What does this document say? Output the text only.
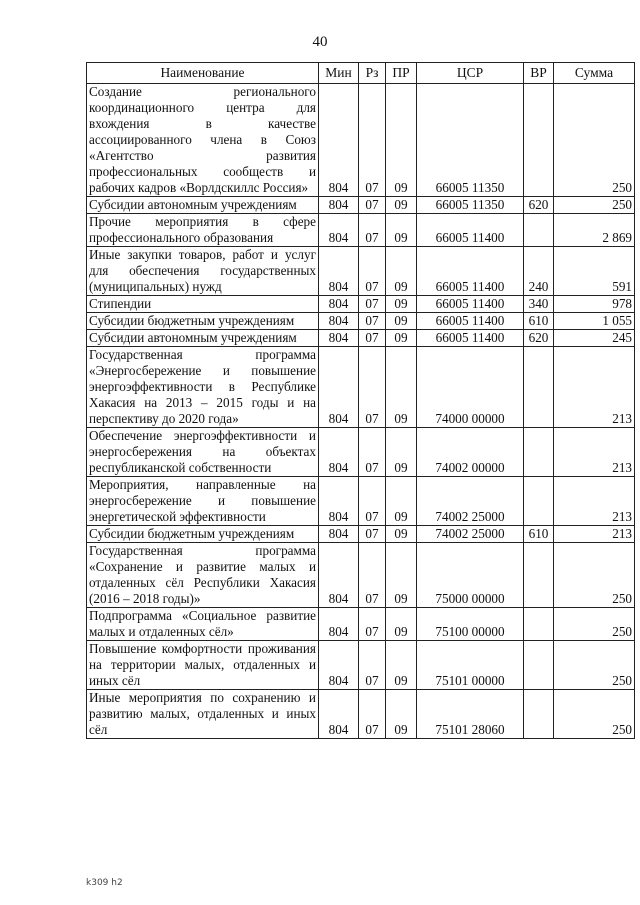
40
Наименование	Мин	Рз	ПР	ЦСР	ВР	Сумма
Создание регионального координационного центра для вхождения в качестве ассоциированного члена в Союз «Агентство развития профессиональных сообществ и рабочих кадров «Ворлдскиллс Россия»	804	07	09	66005 11350		250
Субсидии автономным учреждениям	804	07	09	66005 11350	620	250
Прочие мероприятия в сфере профессионального образования	804	07	09	66005 11400		2 869
Иные закупки товаров, работ и услуг для обеспечения государственных (муниципальных) нужд	804	07	09	66005 11400	240	591
Стипендии	804	07	09	66005 11400	340	978
Субсидии бюджетным учреждениям	804	07	09	66005 11400	610	1 055
Субсидии автономным учреждениям	804	07	09	66005 11400	620	245
Государственная программа «Энергосбережение и повышение энергоэффективности в Республике Хакасия на 2013 – 2015 годы и на перспективу до 2020 года»	804	07	09	74000 00000		213
Обеспечение энергоэффективности и энергосбережения на объектах республиканской собственности	804	07	09	74002 00000		213
Мероприятия, направленные на энергосбережение и повышение энергетической эффективности	804	07	09	74002 25000		213
Субсидии бюджетным учреждениям	804	07	09	74002 25000	610	213
Государственная программа «Сохранение и развитие малых и отдаленных сёл Республики Хакасия (2016 – 2018 годы)»	804	07	09	75000 00000		250
Подпрограмма «Социальное развитие малых и отдаленных сёл»	804	07	09	75100 00000		250
Повышение комфортности проживания на территории малых, отдаленных и иных сёл	804	07	09	75101 00000		250
Иные мероприятия по сохранению и развитию малых, отдаленных и иных сёл	804	07	09	75101 28060		250
k309 h2
